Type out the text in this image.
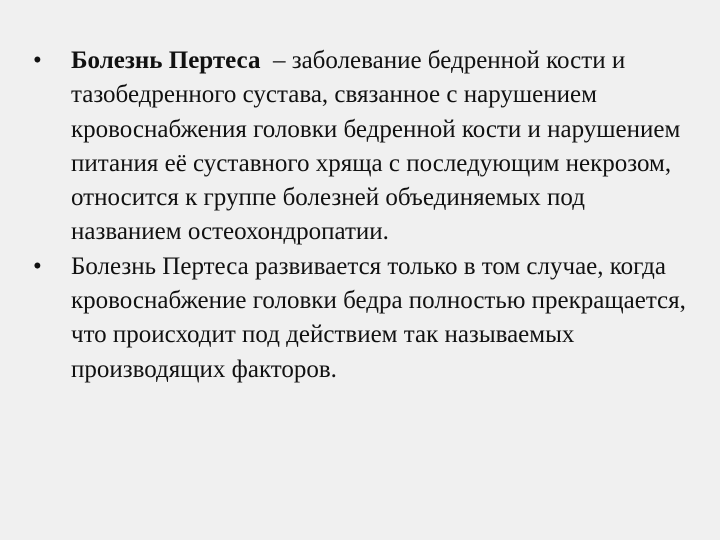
•	Болезнь Пертеса  – заболевание бедренной кости и тазобедренного сустава, связанное с нарушением кровоснабжения головки бедренной кости и нарушением питания её суставного хряща с последующим некрозом, относится к группе болезней объединяемых под названием остеохондропатии.

•	Болезнь Пертеса развивается только в том случае, когда кровоснабжение головки бедра полностью прекращается, что происходит под действием так называемых производящих факторов.
